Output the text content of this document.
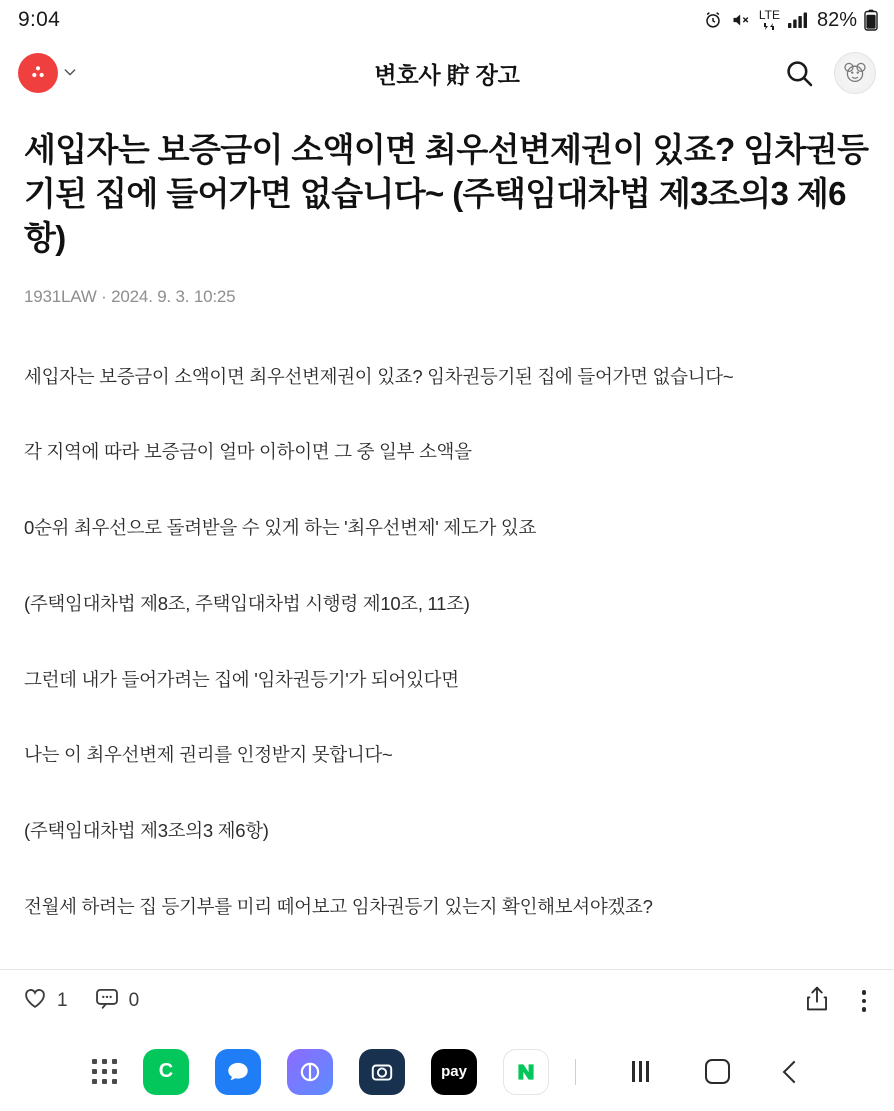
9:04	LTE 82%
변호사 貯 장고
세입자는 보증금이 소액이면 최우선변제권이 있죠? 임차권등기된 집에 들어가면 없습니다~ (주택임대차법 제3조의3 제6항)
1931LAW · 2024. 9. 3. 10:25

세입자는 보증금이 소액이면 최우선변제권이 있죠? 임차권등기된 집에 들어가면 없습니다~

각 지역에 따라 보증금이 얼마 이하이면 그 중 일부 소액을

0순위 최우선으로 돌려받을 수 있게 하는 '최우선변제' 제도가 있죠

(주택임대차법 제8조, 주택입대차법 시행령 제10조, 11조)

그런데 내가 들어가려는 집에 '임차권등기'가 되어있다면

나는 이 최우선변제 권리를 인정받지 못합니다~

(주택임대차법 제3조의3 제6항)

전월세 하려는 집 등기부를 미리 떼어보고 임차권등기 있는지 확인해보셔야겠죠?

1	0
C	pay
